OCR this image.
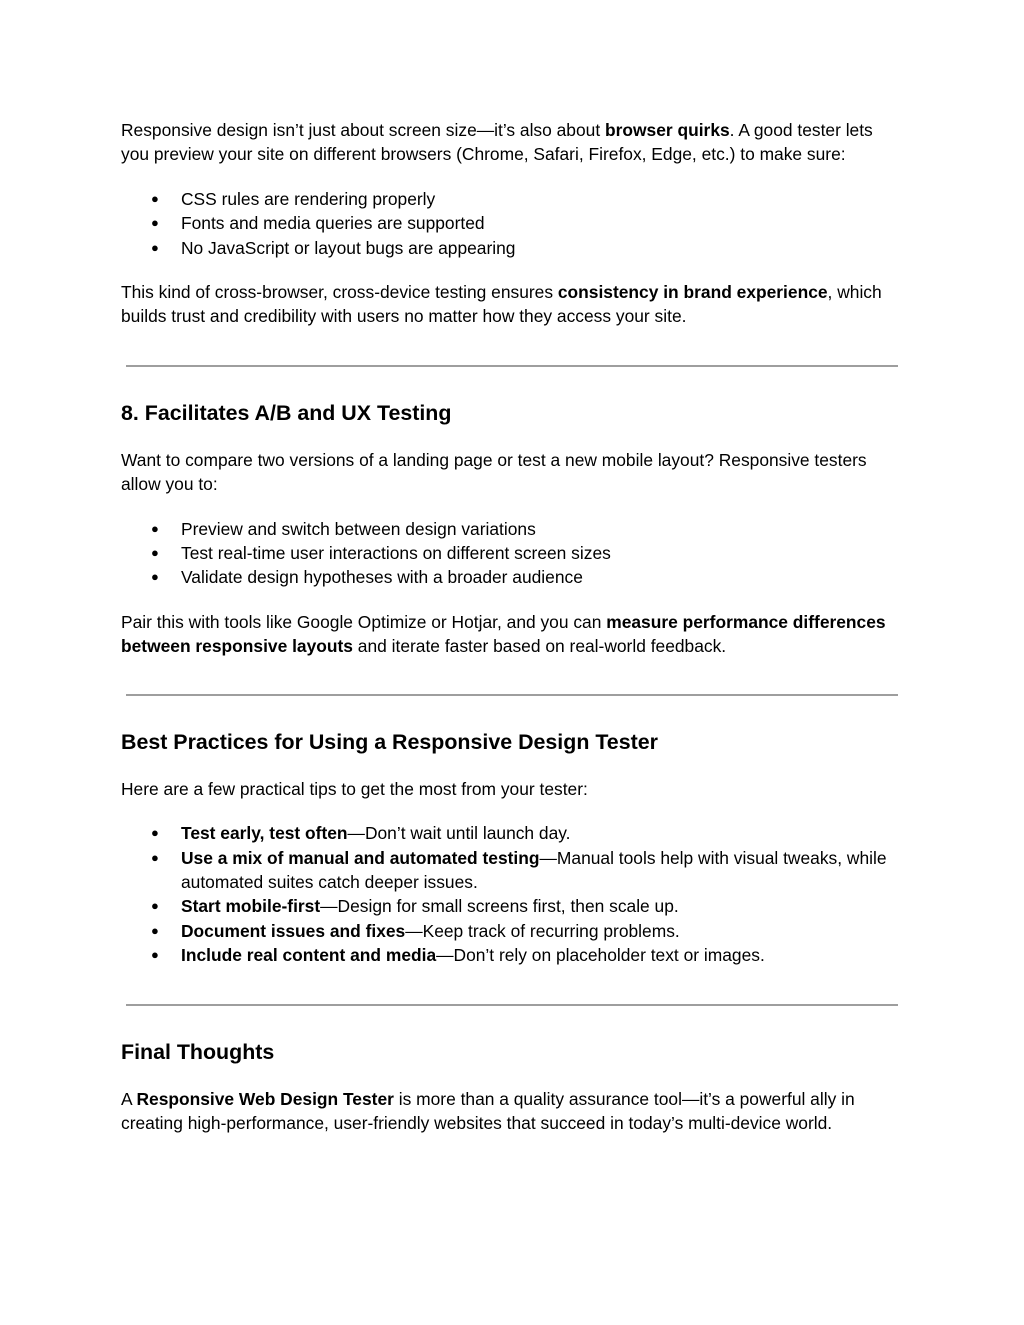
Responsive design isn’t just about screen size—it’s also about browser quirks. A good tester lets you preview your site on different browsers (Chrome, Safari, Firefox, Edge, etc.) to make sure:

● CSS rules are rendering properly
● Fonts and media queries are supported
● No JavaScript or layout bugs are appearing

This kind of cross-browser, cross-device testing ensures consistency in brand experience, which builds trust and credibility with users no matter how they access your site.

8. Facilitates A/B and UX Testing

Want to compare two versions of a landing page or test a new mobile layout? Responsive testers allow you to:

● Preview and switch between design variations
● Test real-time user interactions on different screen sizes
● Validate design hypotheses with a broader audience

Pair this with tools like Google Optimize or Hotjar, and you can measure performance differences between responsive layouts and iterate faster based on real-world feedback.

Best Practices for Using a Responsive Design Tester

Here are a few practical tips to get the most from your tester:

● Test early, test often—Don’t wait until launch day.
● Use a mix of manual and automated testing—Manual tools help with visual tweaks, while automated suites catch deeper issues.
● Start mobile-first—Design for small screens first, then scale up.
● Document issues and fixes—Keep track of recurring problems.
● Include real content and media—Don’t rely on placeholder text or images.
Final Thoughts

A Responsive Web Design Tester is more than a quality assurance tool—it’s a powerful ally in creating high-performance, user-friendly websites that succeed in today’s multi-device world.
